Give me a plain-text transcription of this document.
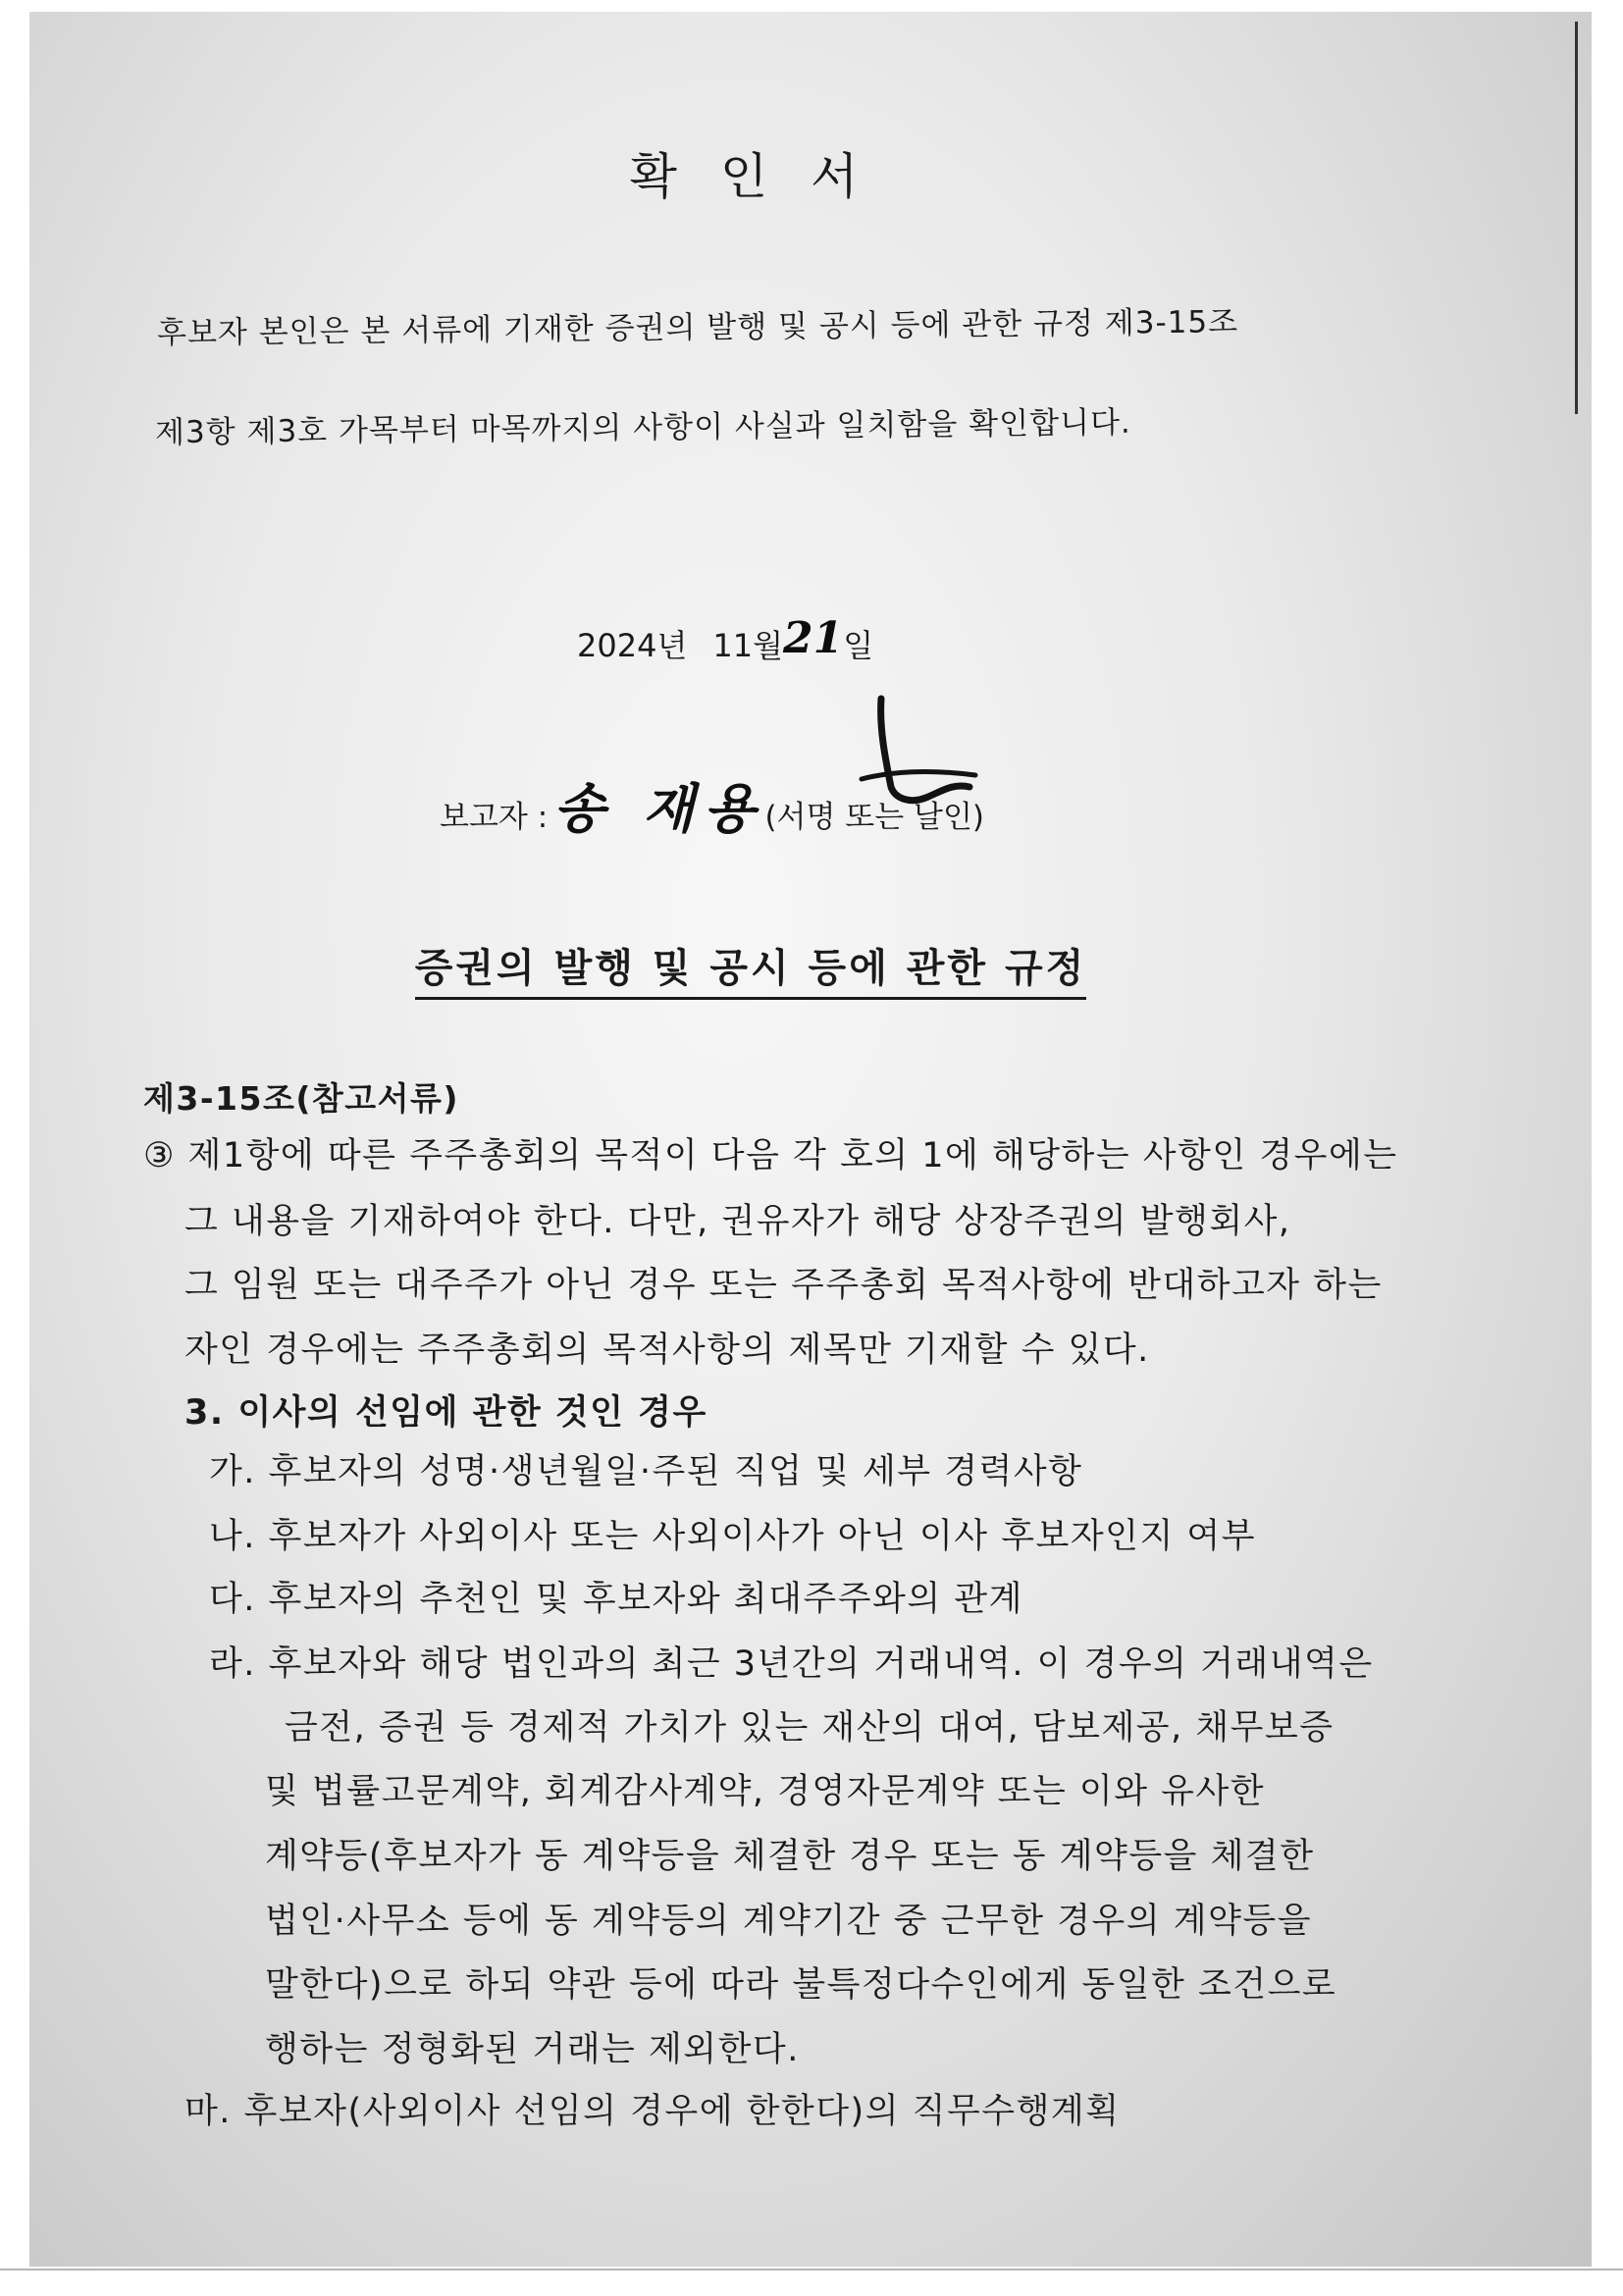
확 인 서
후보자 본인은 본 서류에 기재한 증권의 발행 및 공시 등에 관한 규정 제3-15조
제3항 제3호 가목부터 마목까지의 사항이 사실과 일치함을 확인합니다.
2024년 11월21일
보고자 : 송 재용(서명 또는 날인)
증권의 발행 및 공시 등에 관한 규정
제3-15조(참고서류)
③ 제1항에 따른 주주총회의 목적이 다음 각 호의 1에 해당하는 사항인 경우에는
그 내용을 기재하여야 한다. 다만, 권유자가 해당 상장주권의 발행회사,
그 임원 또는 대주주가 아닌 경우 또는 주주총회 목적사항에 반대하고자 하는
자인 경우에는 주주총회의 목적사항의 제목만 기재할 수 있다.
3. 이사의 선임에 관한 것인 경우
가. 후보자의 성명·생년월일·주된 직업 및 세부 경력사항
나. 후보자가 사외이사 또는 사외이사가 아닌 이사 후보자인지 여부
다. 후보자의 추천인 및 후보자와 최대주주와의 관계
라. 후보자와 해당 법인과의 최근 3년간의 거래내역. 이 경우의 거래내역은
금전, 증권 등 경제적 가치가 있는 재산의 대여, 담보제공, 채무보증
및 법률고문계약, 회계감사계약, 경영자문계약 또는 이와 유사한
계약등(후보자가 동 계약등을 체결한 경우 또는 동 계약등을 체결한
법인·사무소 등에 동 계약등의 계약기간 중 근무한 경우의 계약등을
말한다)으로 하되 약관 등에 따라 불특정다수인에게 동일한 조건으로
행하는 정형화된 거래는 제외한다.
마. 후보자(사외이사 선임의 경우에 한한다)의 직무수행계획
